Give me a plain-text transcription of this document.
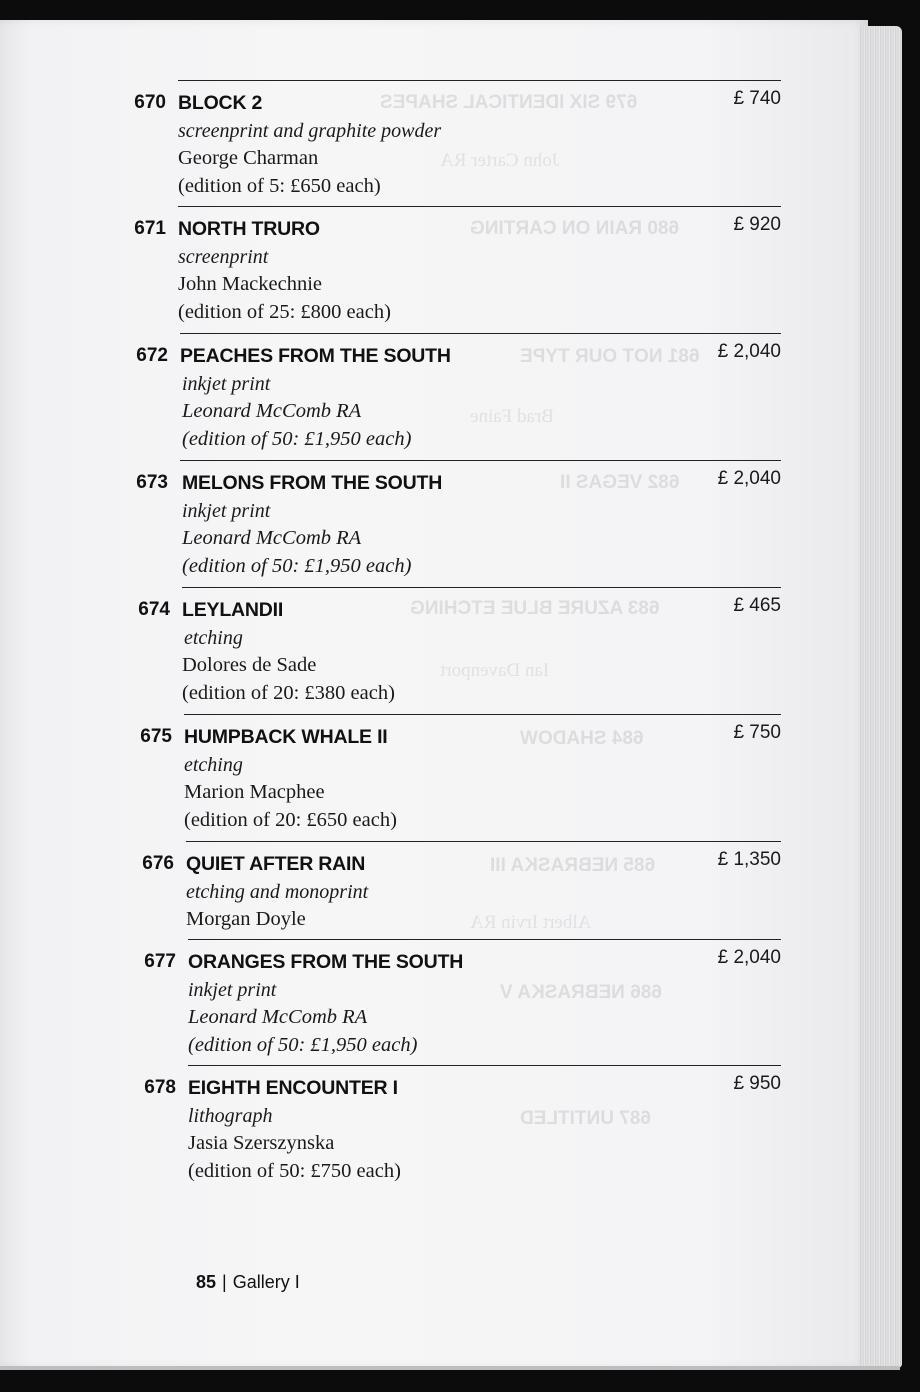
679 SIX IDENTICAL SHAPES
680 RAIN ON CARTING
681 NOT OUR TYPE
682 VEGAS II
683 AZURE BLUE ETCHING
684 SHADOW
685 NEBRASKA III
686 NEBRASKA V
687 UNTITLED
John Carter RA
Brad Faine
Ian Davenport
Albert Irvin RA
670 BLOCK 2	£ 740
screenprint and graphite powder
George Charman
(edition of 5: £650 each)
671 NORTH TRURO	£ 920
screenprint
John Mackechnie
(edition of 25: £800 each)
672 PEACHES FROM THE SOUTH	£ 2,040
inkjet print
Leonard McComb RA
(edition of 50: £1,950 each)
673 MELONS FROM THE SOUTH	£ 2,040
inkjet print
Leonard McComb RA
(edition of 50: £1,950 each)
674 LEYLANDII	£ 465
etching
Dolores de Sade
(edition of 20: £380 each)
675 HUMPBACK WHALE II	£ 750
etching
Marion Macphee
(edition of 20: £650 each)
676 QUIET AFTER RAIN	£ 1,350
etching and monoprint
Morgan Doyle
677 ORANGES FROM THE SOUTH	£ 2,040
inkjet print
Leonard McComb RA
(edition of 50: £1,950 each)
678 EIGHTH ENCOUNTER I	£ 950
lithograph
Jasia Szerszynska
(edition of 50: £750 each)
85 | Gallery I
